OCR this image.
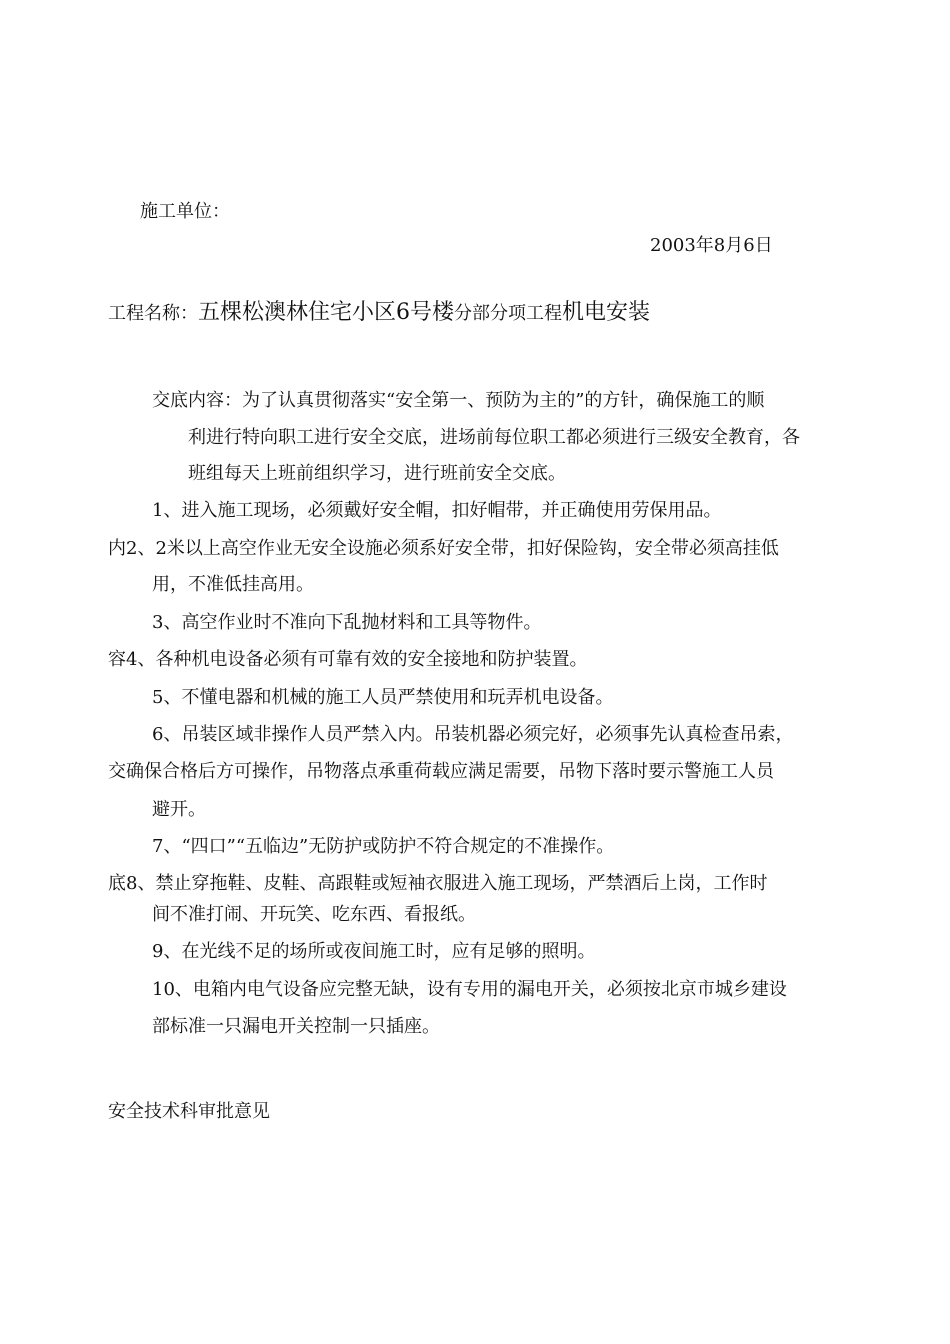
施工单位：
2003年8月6日
工程名称：五棵松澳林住宅小区6号楼分部分项工程机电安装
交底内容：为了认真贯彻落实“安全第一、预防为主的”的方针，确保施工的顺
利进行特向职工进行安全交底，进场前每位职工都必须进行三级安全教育，各
班组每天上班前组织学习，进行班前安全交底。
1、进入施工现场，必须戴好安全帽，扣好帽带，并正确使用劳保用品。
内2、2米以上高空作业无安全设施必须系好安全带，扣好保险钩，安全带必须高挂低
用，不准低挂高用。
3、高空作业时不准向下乱抛材料和工具等物件。
容4、各种机电设备必须有可靠有效的安全接地和防护装置。
5、不懂电器和机械的施工人员严禁使用和玩弄机电设备。
6、吊装区域非操作人员严禁入内。吊装机器必须完好，必须事先认真检查吊索，
交确保合格后方可操作，吊物落点承重荷载应满足需要，吊物下落时要示警施工人员
避开。
7、“四口”“五临边”无防护或防护不符合规定的不准操作。
底8、禁止穿拖鞋、皮鞋、高跟鞋或短袖衣服进入施工现场，严禁酒后上岗，工作时
间不准打闹、开玩笑、吃东西、看报纸。
9、在光线不足的场所或夜间施工时，应有足够的照明。
10、电箱内电气设备应完整无缺，设有专用的漏电开关，必须按北京市城乡建设
部标准一只漏电开关控制一只插座。
安全技术科审批意见
